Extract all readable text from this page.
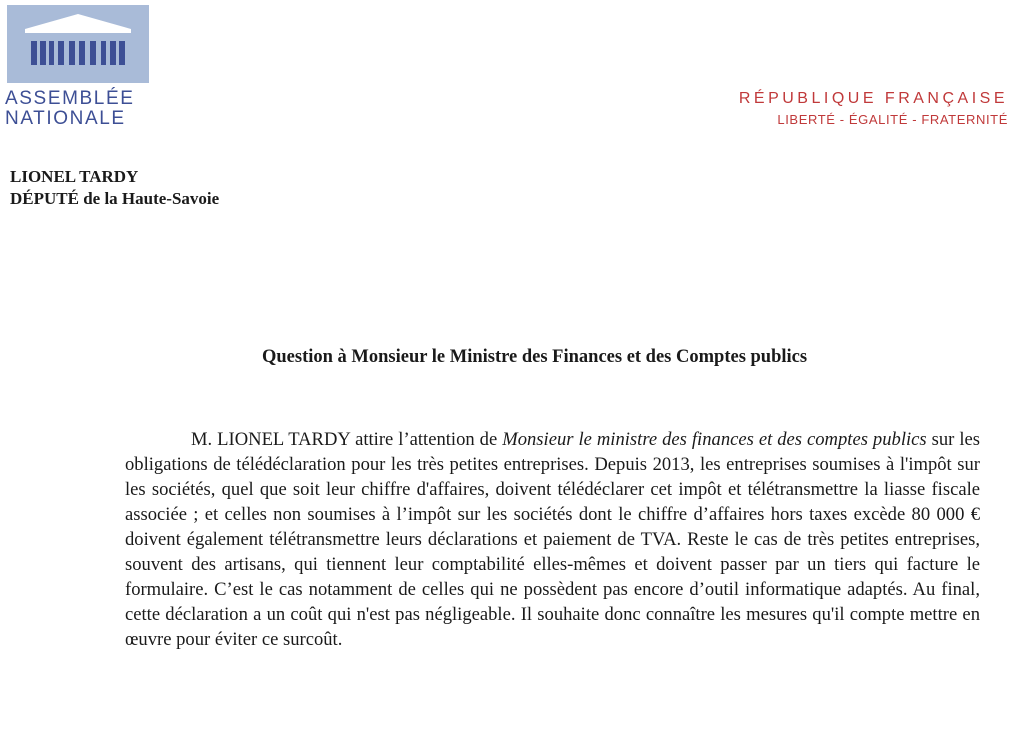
ASSEMBLÉE
NATIONALE
RÉPUBLIQUE FRANÇAISE
LIBERTÉ - ÉGALITÉ - FRATERNITÉ
LIONEL TARDY
DÉPUTÉ de la Haute-Savoie
Question à Monsieur le Ministre des Finances et des Comptes publics

M. LIONEL TARDY attire l’attention de Monsieur le ministre des finances et des comptes publics sur les obligations de télédéclaration pour les très petites entreprises. Depuis 2013, les entreprises soumises à l'impôt sur les sociétés, quel que soit leur chiffre d'affaires, doivent télédéclarer cet impôt et télétransmettre la liasse fiscale associée ; et celles non soumises à l’impôt sur les sociétés dont le chiffre d’affaires hors taxes excède 80 000 € doivent également télétransmettre leurs déclarations et paiement de TVA. Reste le cas de très petites entreprises, souvent des artisans, qui tiennent leur comptabilité elles-mêmes et doivent passer par un tiers qui facture le formulaire. C’est le cas notamment de celles qui ne possèdent pas encore d’outil informatique adaptés. Au final, cette déclaration a un coût qui n'est pas négligeable. Il souhaite donc connaître les mesures qu'il compte mettre en œuvre pour éviter ce surcoût.
